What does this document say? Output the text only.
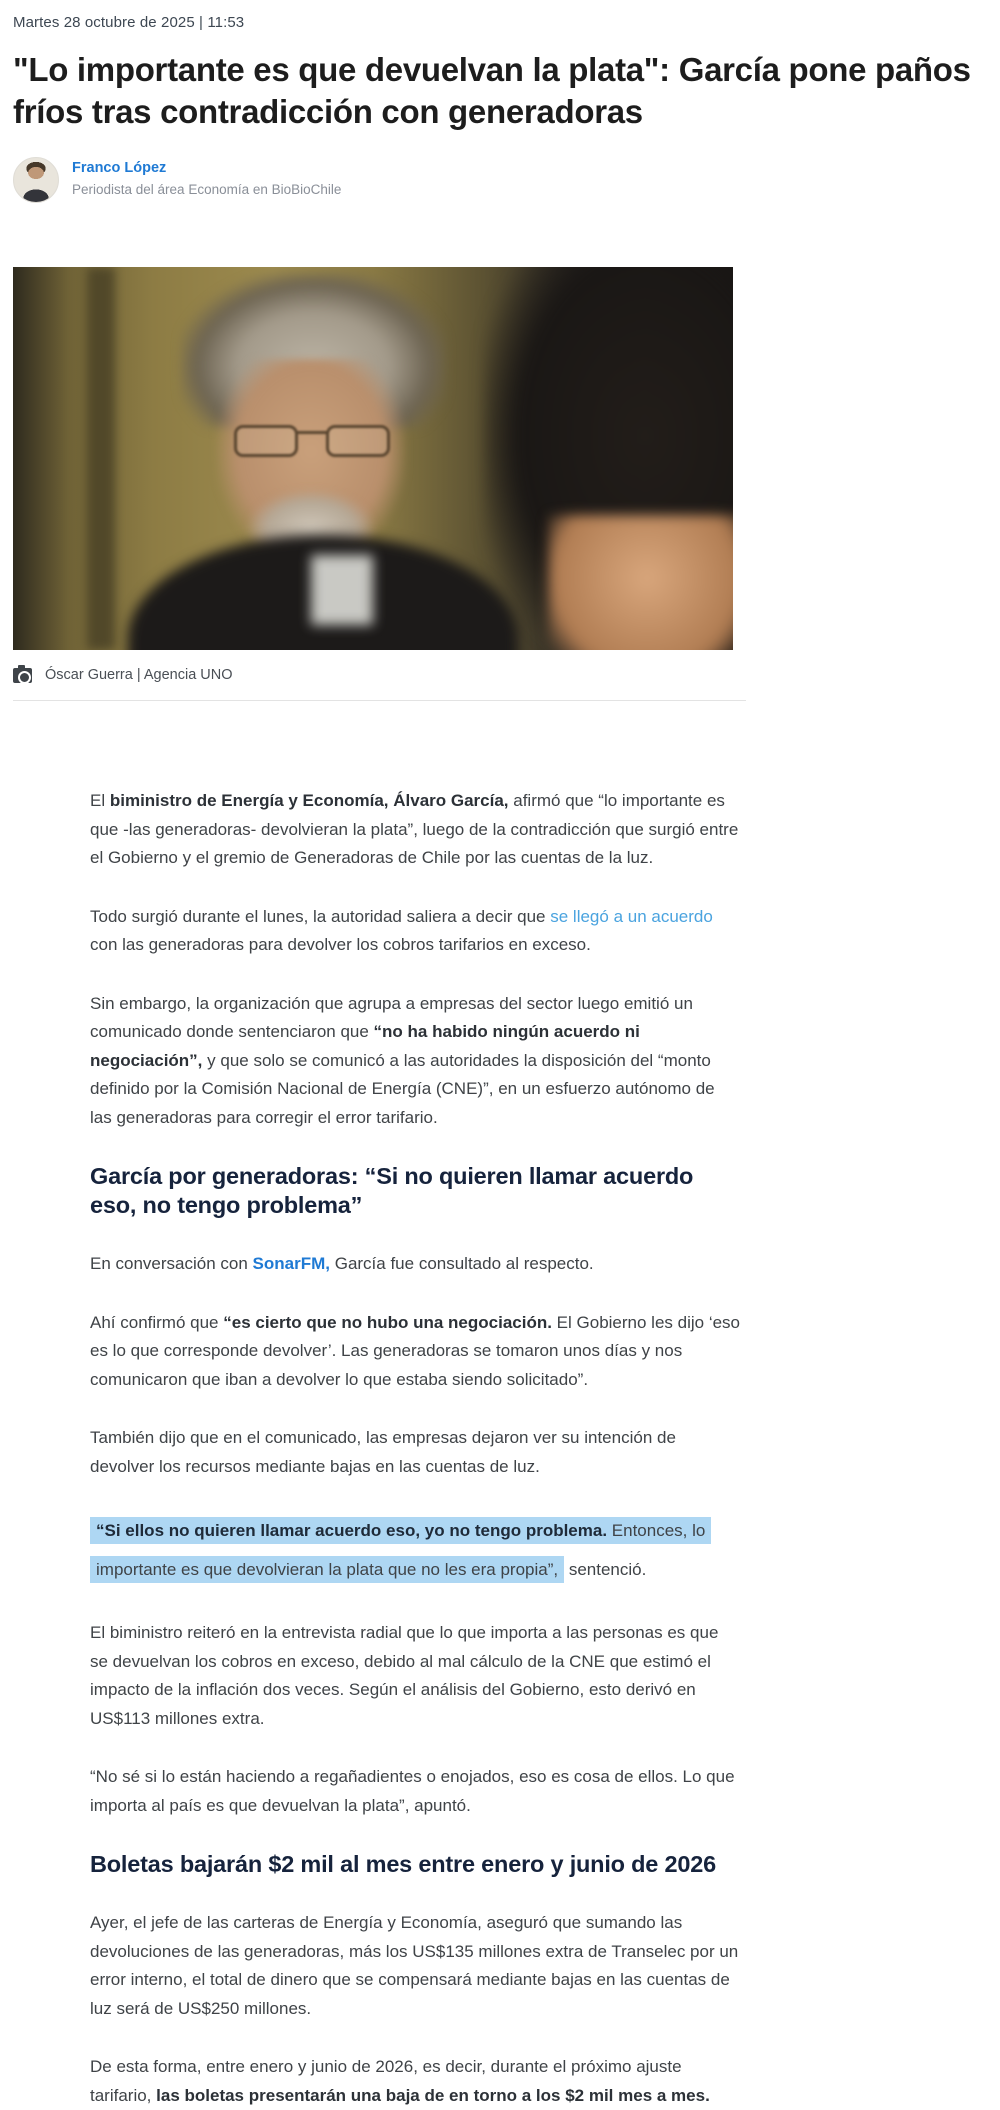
Martes 28 octubre de 2025 | 11:53
"Lo importante es que devuelvan la plata": García pone paños fríos tras contradicción con generadoras
Franco López
Periodista del área Economía en BioBioChile
Óscar Guerra | Agencia UNO

El biministro de Energía y Economía, Álvaro García, afirmó que “lo importante es que -las generadoras- devolvieran la plata”, luego de la contradicción que surgió entre el Gobierno y el gremio de Generadoras de Chile por las cuentas de la luz.

Todo surgió durante el lunes, la autoridad saliera a decir que se llegó a un acuerdo con las generadoras para devolver los cobros tarifarios en exceso.

Sin embargo, la organización que agrupa a empresas del sector luego emitió un comunicado donde sentenciaron que “no ha habido ningún acuerdo ni negociación”, y que solo se comunicó a las autoridades la disposición del “monto definido por la Comisión Nacional de Energía (CNE)”, en un esfuerzo autónomo de las generadoras para corregir el error tarifario.

García por generadoras: “Si no quieren llamar acuerdo eso, no tengo problema”

En conversación con SonarFM, García fue consultado al respecto.

Ahí confirmó que “es cierto que no hubo una negociación. El Gobierno les dijo ‘eso es lo que corresponde devolver’. Las generadoras se tomaron unos días y nos comunicaron que iban a devolver lo que estaba siendo solicitado”.

También dijo que en el comunicado, las empresas dejaron ver su intención de devolver los recursos mediante bajas en las cuentas de luz.

“Si ellos no quieren llamar acuerdo eso, yo no tengo problema. Entonces, lo importante es que devolvieran la plata que no les era propia”, sentenció.

El biministro reiteró en la entrevista radial que lo que importa a las personas es que se devuelvan los cobros en exceso, debido al mal cálculo de la CNE que estimó el impacto de la inflación dos veces. Según el análisis del Gobierno, esto derivó en US$113 millones extra.

“No sé si lo están haciendo a regañadientes o enojados, eso es cosa de ellos. Lo que importa al país es que devuelvan la plata”, apuntó.

Boletas bajarán $2 mil al mes entre enero y junio de 2026

Ayer, el jefe de las carteras de Energía y Economía, aseguró que sumando las devoluciones de las generadoras, más los US$135 millones extra de Transelec por un error interno, el total de dinero que se compensará mediante bajas en las cuentas de luz será de US$250 millones.

De esta forma, entre enero y junio de 2026, es decir, durante el próximo ajuste tarifario, las boletas presentarán una baja de en torno a los $2 mil mes a mes.
